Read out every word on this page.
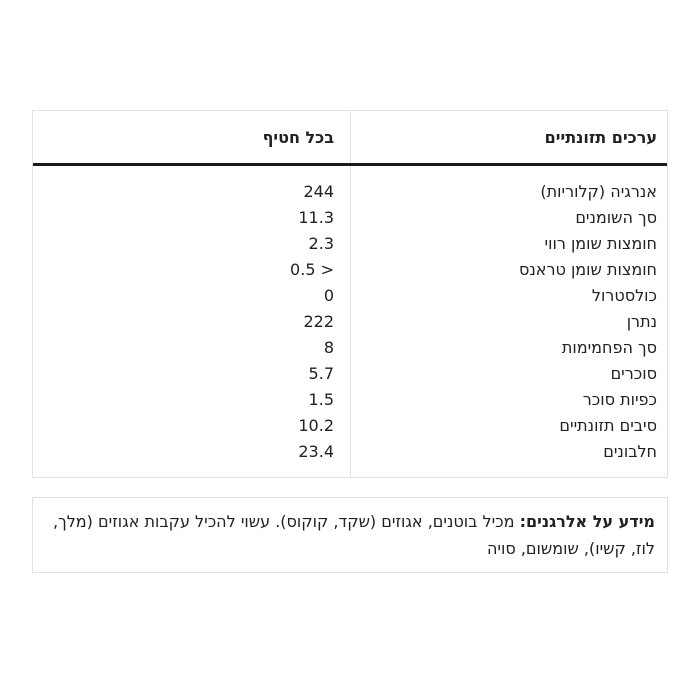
ערכים תזונתיים
בכל חטיף
אנרגיה (קלוריות)
244
סך השומנים
11.3
חומצות שומן רווי
2.3
חומצות שומן טראנס
< 0.5
כולסטרול
0
נתרן
222
סך הפחמימות
8
סוכרים
5.7
כפיות סוכר
1.5
סיבים תזונתיים
10.2
חלבונים
23.4

מידע על אלרגנים: מכיל בוטנים, אגוזים (שקד, קוקוס). עשוי להכיל עקבות אגוזים (מלך, לוז, קשיו), שומשום, סויה
